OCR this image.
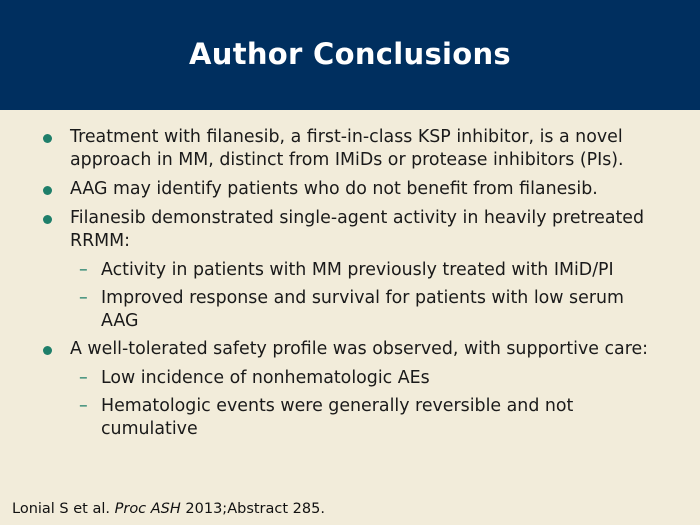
Author Conclusions
Treatment with filanesib, a first-in-class KSP inhibitor, is a novel approach in MM, distinct from IMiDs or protease inhibitors (PIs).
AAG may identify patients who do not benefit from filanesib.
Filanesib demonstrated single-agent activity in heavily pretreated RRMM:
– Activity in patients with MM previously treated with IMiD/PI
– Improved response and survival for patients with low serum AAG
A well-tolerated safety profile was observed, with supportive care:
– Low incidence of nonhematologic AEs
– Hematologic events were generally reversible and not cumulative
Lonial S et al. Proc ASH 2013;Abstract 285.
